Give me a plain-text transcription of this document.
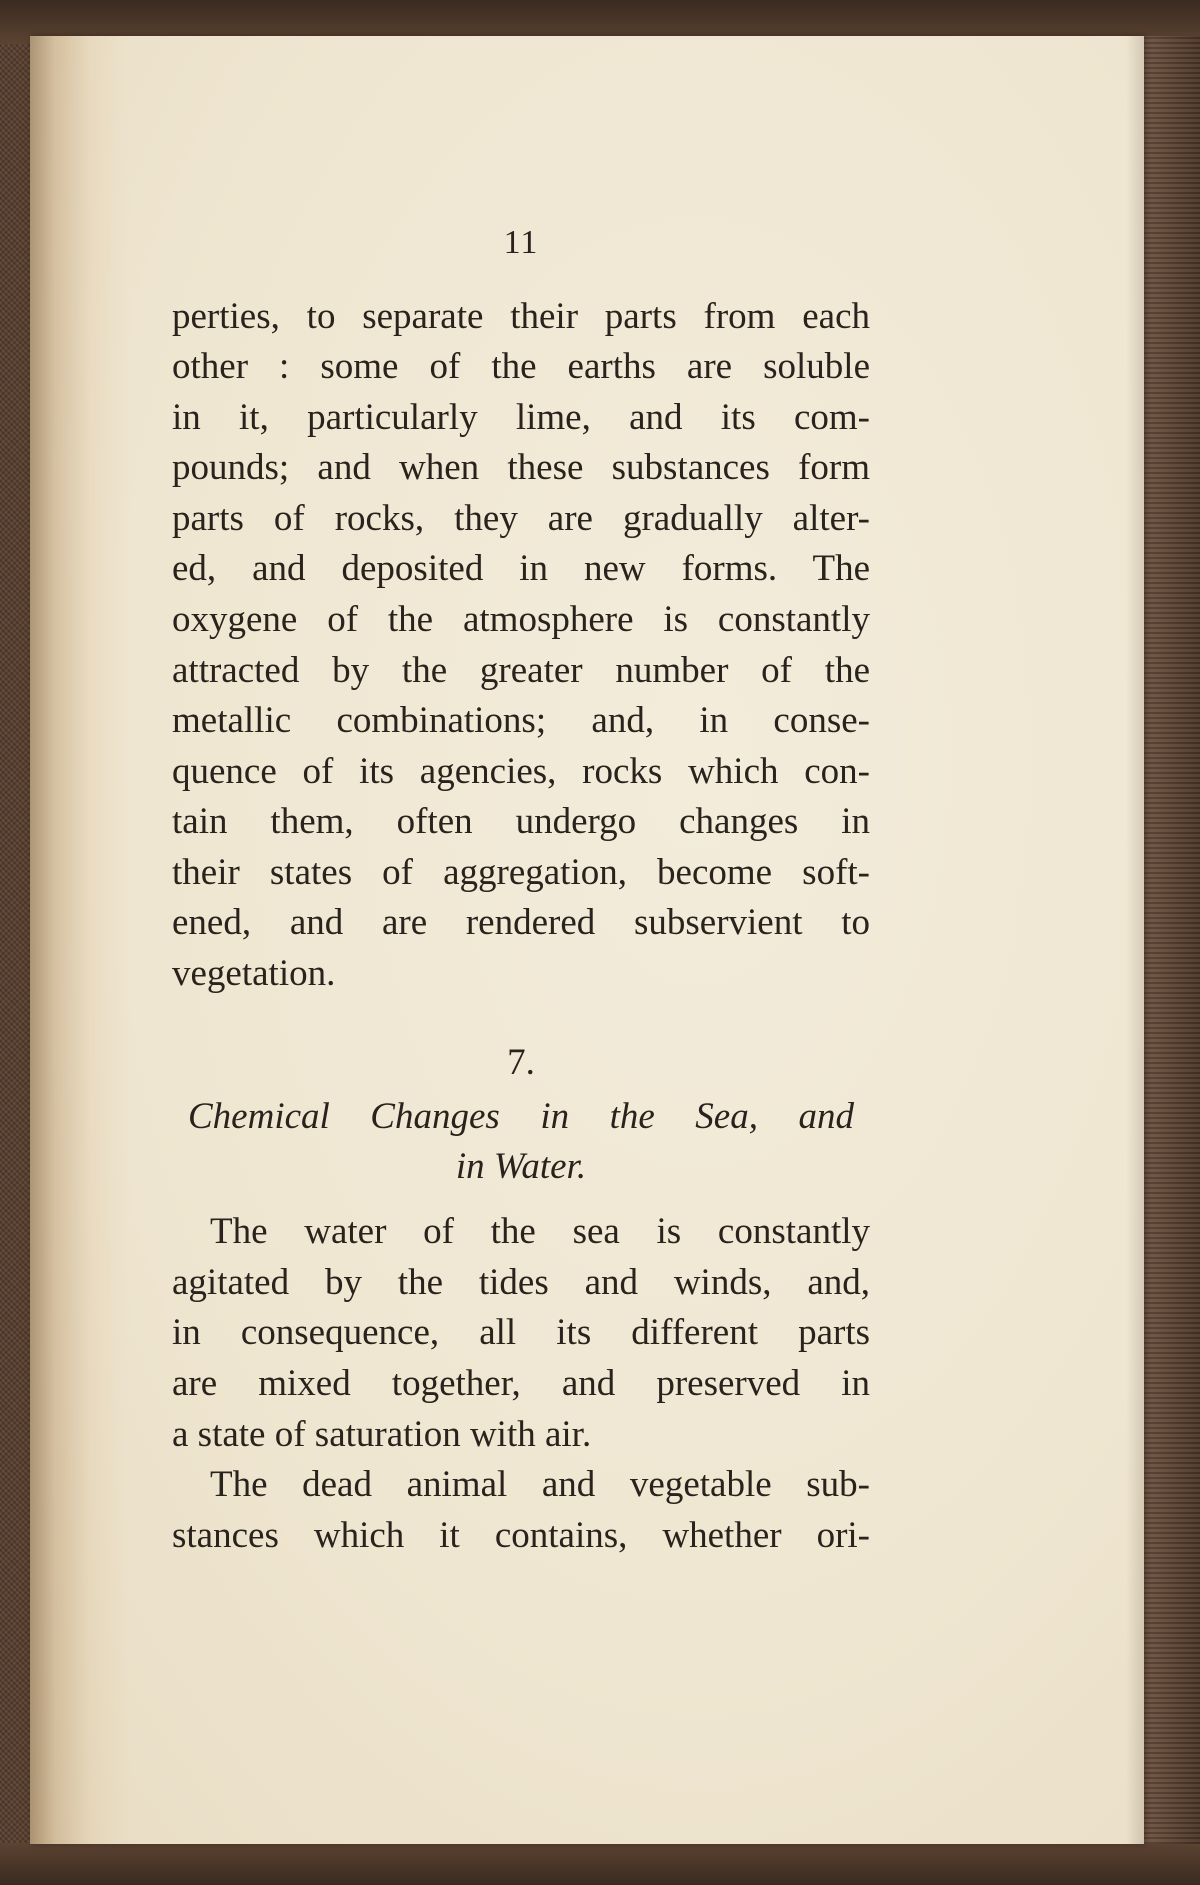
11
perties, to separate their parts from each
other : some of the earths are soluble
in it, particularly lime, and its com-
pounds; and when these substances form
parts of rocks, they are gradually alter-
ed, and deposited in new forms. The
oxygene of the atmosphere is constantly
attracted by the greater number of the
metallic combinations; and, in conse-
quence of its agencies, rocks which con-
tain them, often undergo changes in
their states of aggregation, become soft-
ened, and are rendered subservient to
vegetation.
7.
Chemical Changes in the Sea, and
in Water.
The water of the sea is constantly
agitated by the tides and winds, and,
in consequence, all its different parts
are mixed together, and preserved in
a state of saturation with air.
The dead animal and vegetable sub-
stances which it contains, whether ori-
